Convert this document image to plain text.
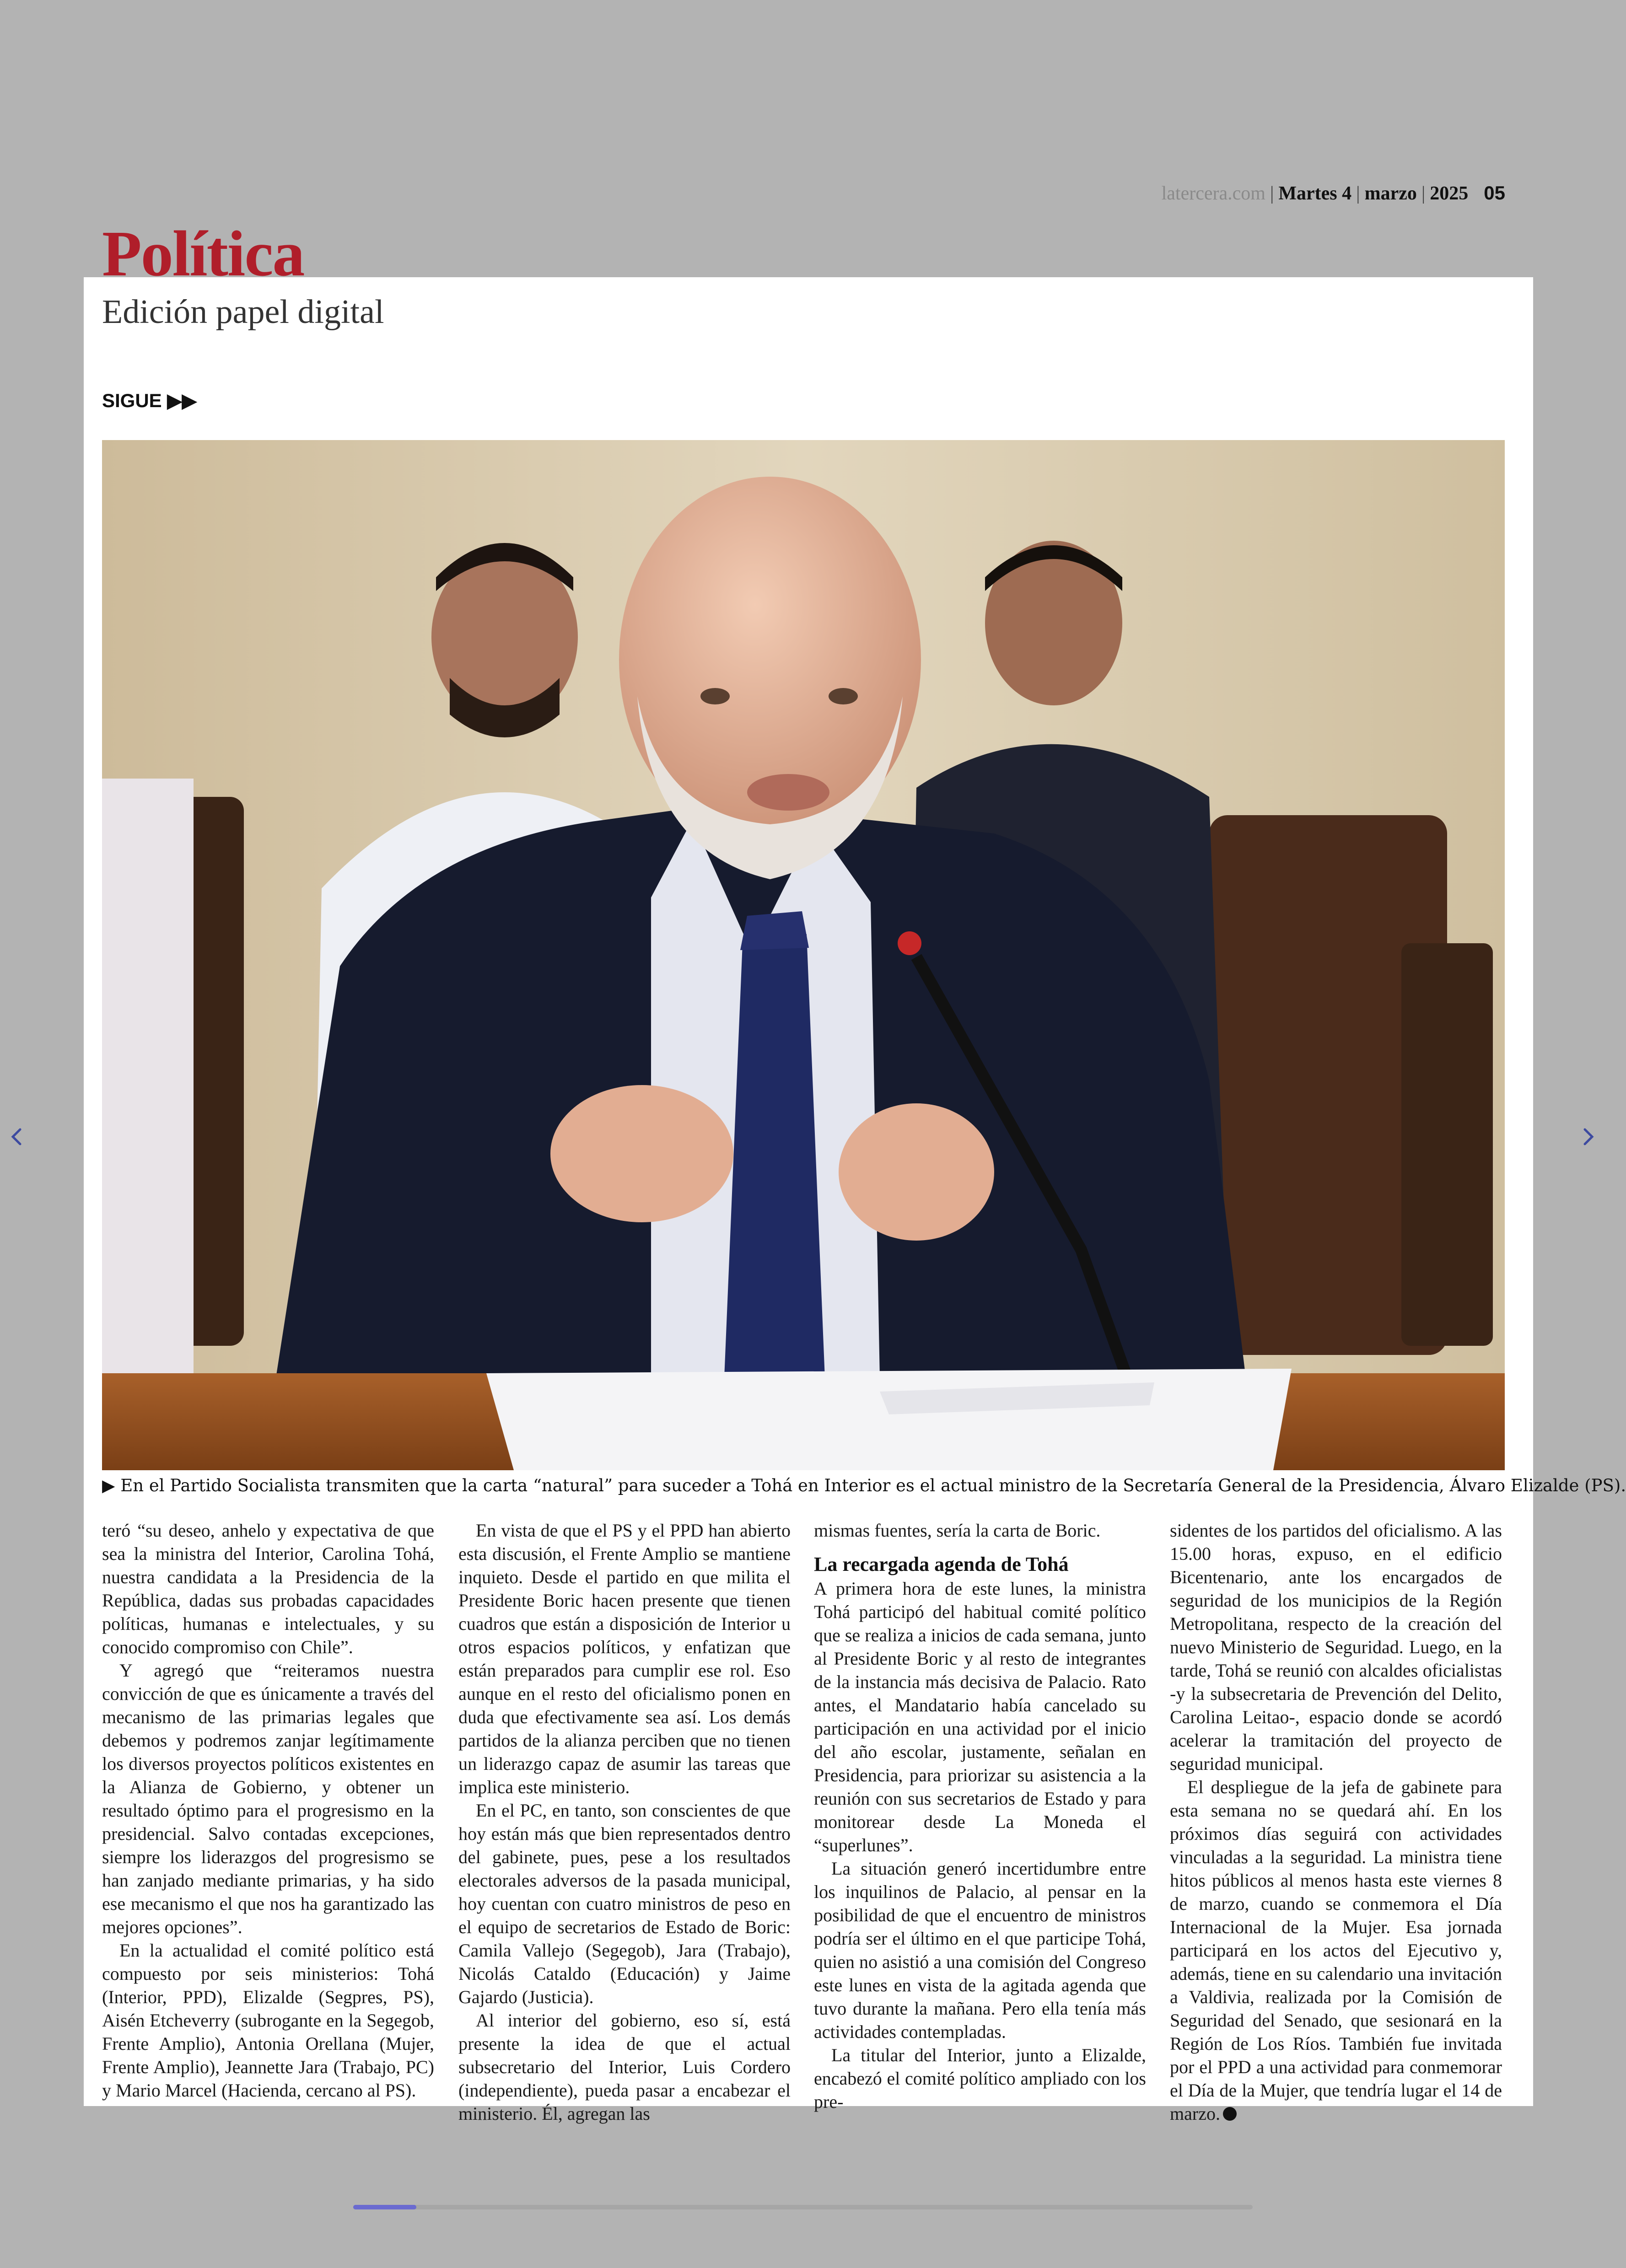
latercera.com | Martes 4 | marzo | 2025 05
Política
Edición papel digital
SIGUE ▶▶
▶ En el Partido Socialista transmiten que la carta “natural” para suceder a Tohá en Interior es el actual ministro de la Secretaría General de la Presidencia, Álvaro Elizalde (PS).

teró “su deseo, anhelo y expectativa de que sea la ministra del Interior, Carolina Tohá, nuestra candidata a la Presidencia de la República, dadas sus probadas capacidades políticas, humanas e intelectuales, y su conocido compromiso con Chile”.

Y agregó que “reiteramos nuestra convicción de que es únicamente a través del mecanismo de las primarias legales que debemos y podremos zanjar legítimamente los diversos proyectos políticos existentes en la Alianza de Gobierno, y obtener un resultado óptimo para el progresismo en la presidencial. Salvo contadas excepciones, siempre los liderazgos del progresismo se han zanjado mediante primarias, y ha sido ese mecanismo el que nos ha garantizado las mejores opciones”.

En la actualidad el comité político está compuesto por seis ministerios: Tohá (Interior, PPD), Elizalde (Segpres, PS), Aisén Etcheverry (subrogante en la Segegob, Frente Amplio), Antonia Orellana (Mujer, Frente Amplio), Jeannette Jara (Trabajo, PC) y Mario Marcel (Hacienda, cercano al PS).

En vista de que el PS y el PPD han abierto esta discusión, el Frente Amplio se mantiene inquieto. Desde el partido en que milita el Presidente Boric hacen presente que tienen cuadros que están a disposición de Interior u otros espacios políticos, y enfatizan que están preparados para cumplir ese rol. Eso aunque en el resto del oficialismo ponen en duda que efectivamente sea así. Los demás partidos de la alianza perciben que no tienen un liderazgo capaz de asumir las tareas que implica este ministerio.

En el PC, en tanto, son conscientes de que hoy están más que bien representados dentro del gabinete, pues, pese a los resultados electorales adversos de la pasada municipal, hoy cuentan con cuatro ministros de peso en el equipo de secretarios de Estado de Boric: Camila Vallejo (Segegob), Jara (Trabajo), Nicolás Cataldo (Educación) y Jaime Gajardo (Justicia).

Al interior del gobierno, eso sí, está presente la idea de que el actual subsecretario del Interior, Luis Cordero (independiente), pueda pasar a encabezar el ministerio. Él, agregan las

mismas fuentes, sería la carta de Boric.

La recargada agenda de Tohá

A primera hora de este lunes, la ministra Tohá participó del habitual comité político que se realiza a inicios de cada semana, junto al Presidente Boric y al resto de integrantes de la instancia más decisiva de Palacio. Rato antes, el Mandatario había cancelado su participación en una actividad por el inicio del año escolar, justamente, señalan en Presidencia, para priorizar su asistencia a la reunión con sus secretarios de Estado y para monitorear desde La Moneda el “superlunes”.

La situación generó incertidumbre entre los inquilinos de Palacio, al pensar en la posibilidad de que el encuentro de ministros podría ser el último en el que participe Tohá, quien no asistió a una comisión del Congreso este lunes en vista de la agitada agenda que tuvo durante la mañana. Pero ella tenía más actividades contempladas.

La titular del Interior, junto a Elizalde, encabezó el comité político ampliado con los pre-

sidentes de los partidos del oficialismo. A las 15.00 horas, expuso, en el edificio Bicentenario, ante los encargados de seguridad de los municipios de la Región Metropolitana, respecto de la creación del nuevo Ministerio de Seguridad. Luego, en la tarde, Tohá se reunió con alcaldes oficialistas -y la subsecretaria de Prevención del Delito, Carolina Leitao-, espacio donde se acordó acelerar la tramitación del proyecto de seguridad municipal.

El despliegue de la jefa de gabinete para esta semana no se quedará ahí. En los próximos días seguirá con actividades vinculadas a la seguridad. La ministra tiene hitos públicos al menos hasta este viernes 8 de marzo, cuando se conmemora el Día Internacional de la Mujer. Esa jornada participará en los actos del Ejecutivo y, además, tiene en su calendario una invitación a Valdivia, realizada por la Comisión de Seguridad del Senado, que sesionará en la Región de Los Ríos. También fue invitada por el PPD a una actividad para conmemorar el Día de la Mujer, que tendría lugar el 14 de marzo.
